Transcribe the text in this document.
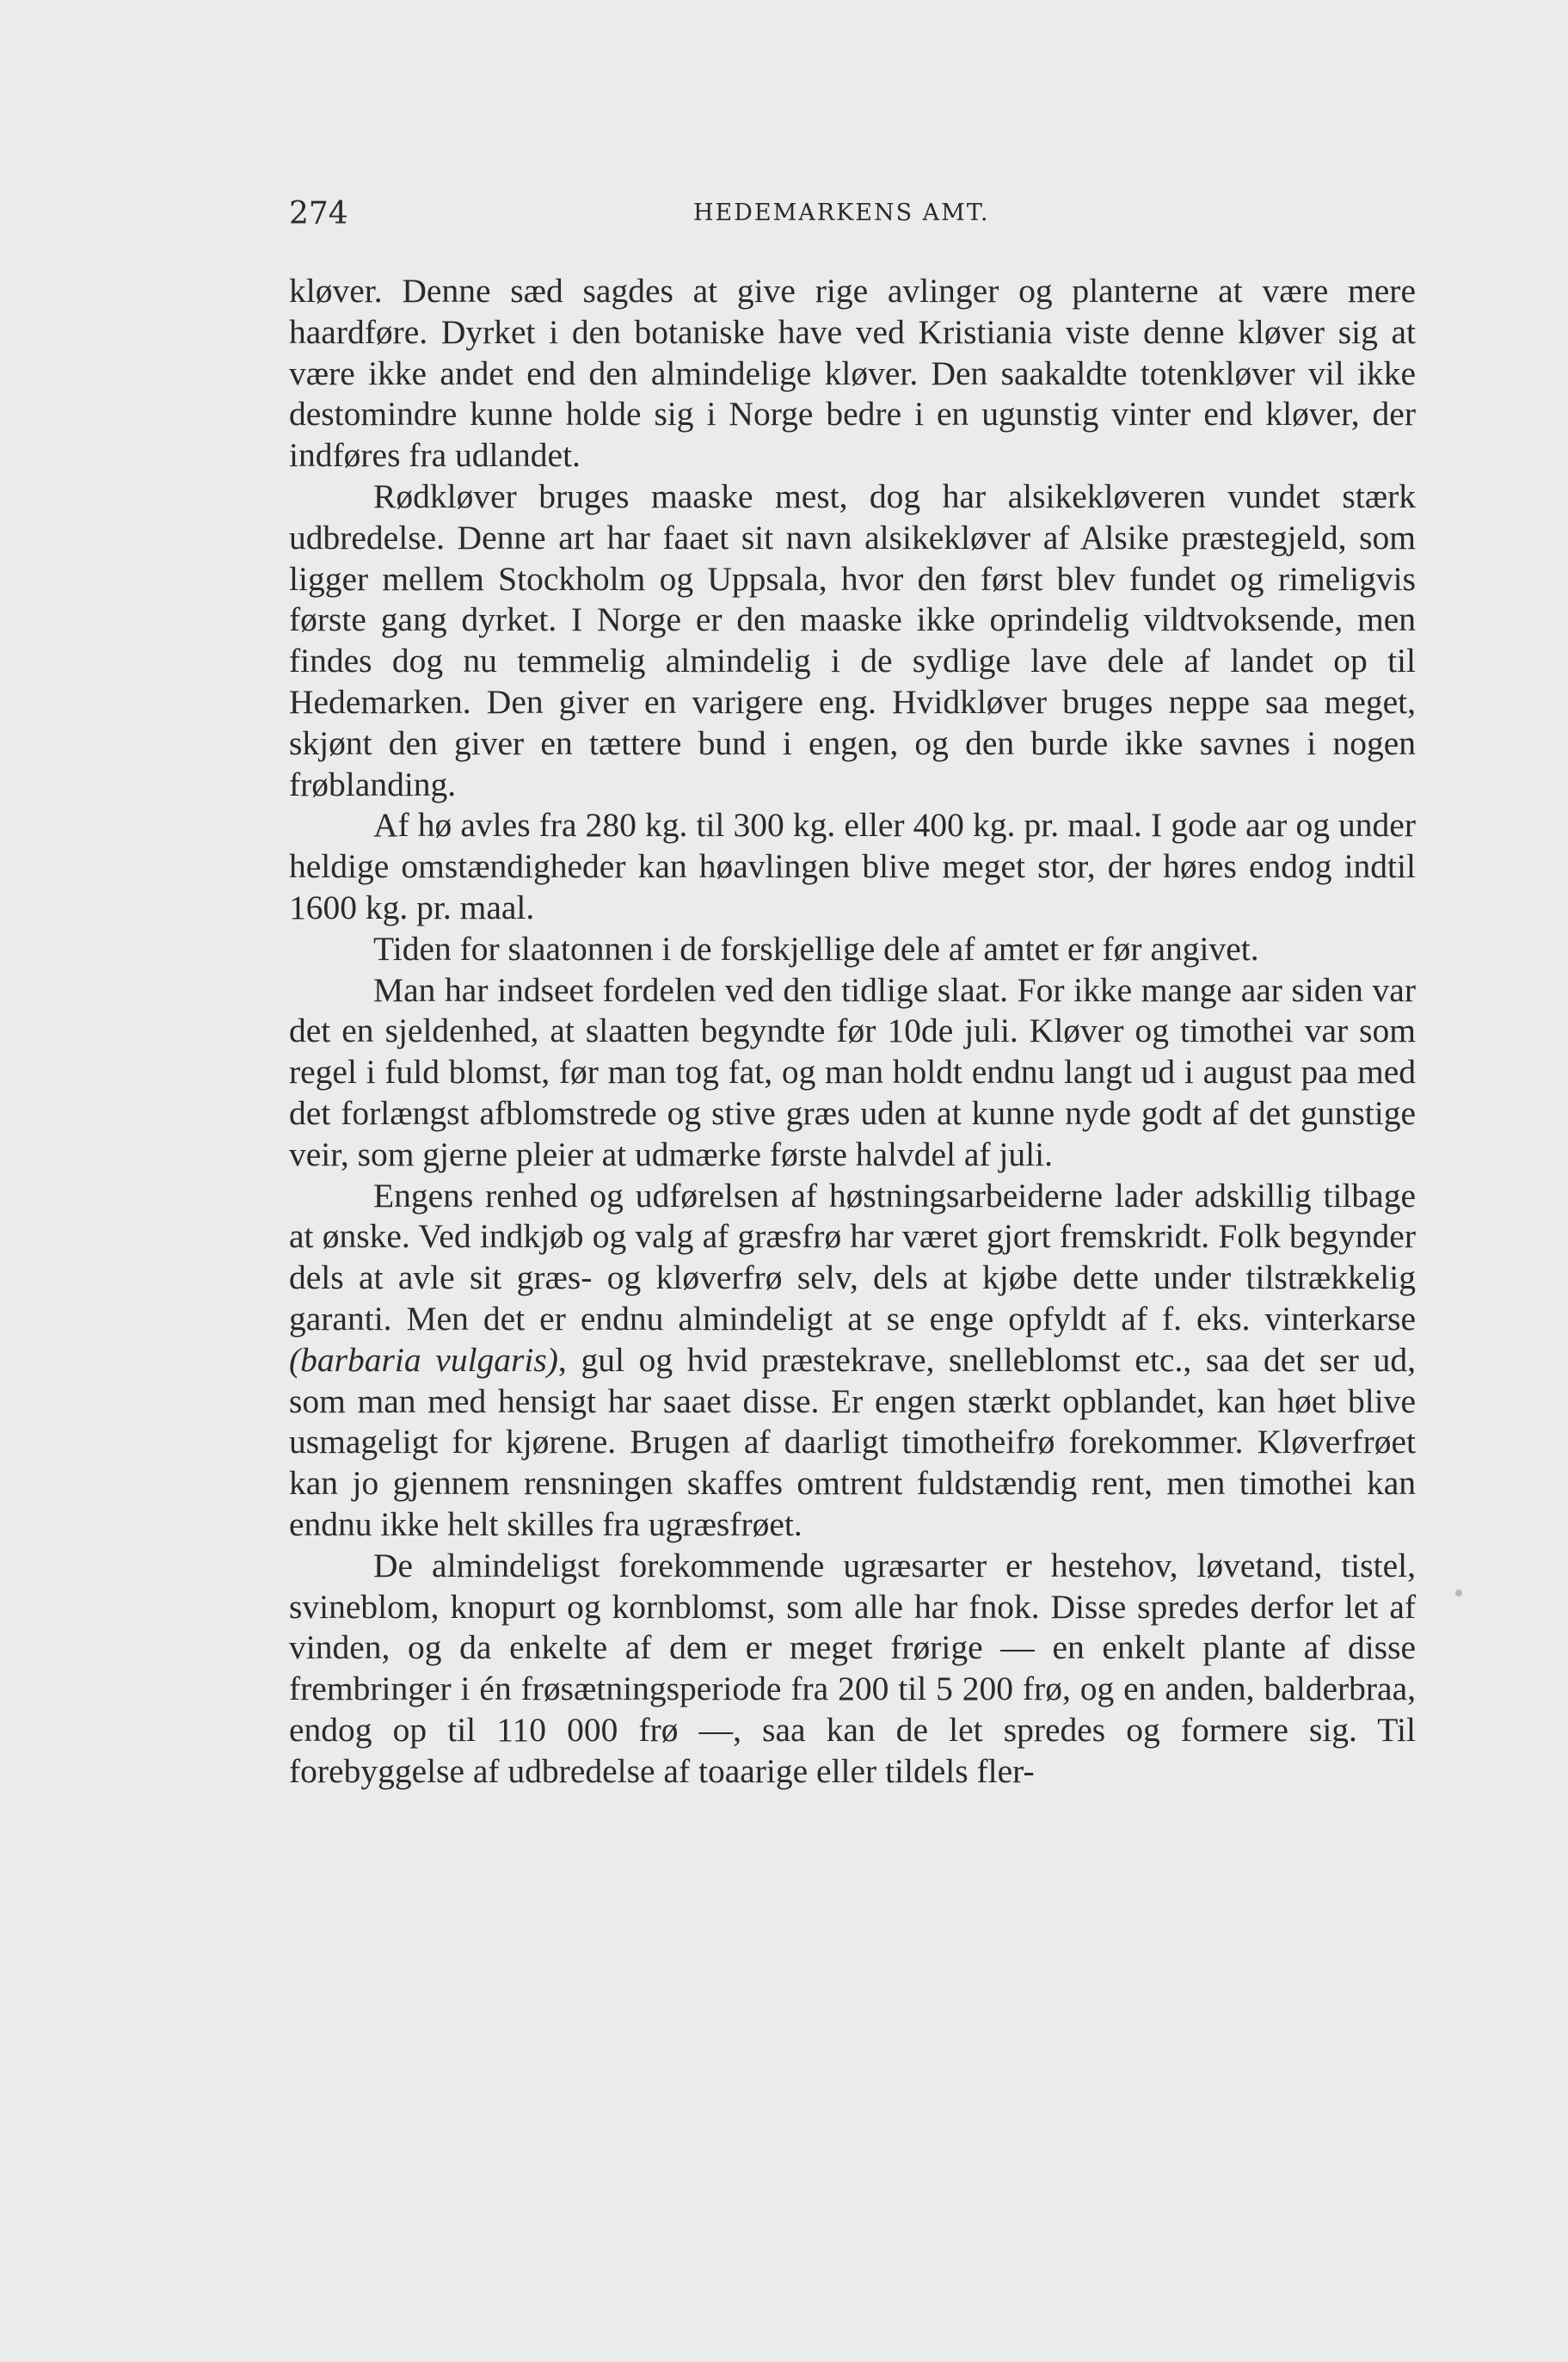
274	HEDEMARKENS AMT.

kløver. Denne sæd sagdes at give rige avlinger og planterne at være mere haardføre. Dyrket i den botaniske have ved Kristiania viste denne kløver sig at være ikke andet end den almindelige kløver. Den saakaldte totenkløver vil ikke destomindre kunne holde sig i Norge bedre i en ugunstig vinter end kløver, der indføres fra udlandet.

Rødkløver bruges maaske mest, dog har alsikekløveren vundet stærk udbredelse. Denne art har faaet sit navn alsikekløver af Alsike præstegjeld, som ligger mellem Stockholm og Uppsala, hvor den først blev fundet og rimeligvis første gang dyrket. I Norge er den maaske ikke oprindelig vildtvoksende, men findes dog nu temmelig almindelig i de sydlige lave dele af landet op til Hedemarken. Den giver en varigere eng. Hvidkløver bruges neppe saa meget, skjønt den giver en tættere bund i engen, og den burde ikke savnes i nogen frøblanding.

Af hø avles fra 280 kg. til 300 kg. eller 400 kg. pr. maal. I gode aar og under heldige omstændigheder kan høavlingen blive meget stor, der høres endog indtil 1600 kg. pr. maal.

Tiden for slaatonnen i de forskjellige dele af amtet er før angivet.

Man har indseet fordelen ved den tidlige slaat. For ikke mange aar siden var det en sjeldenhed, at slaatten begyndte før 10de juli. Kløver og timothei var som regel i fuld blomst, før man tog fat, og man holdt endnu langt ud i august paa med det forlængst afblomstrede og stive græs uden at kunne nyde godt af det gunstige veir, som gjerne pleier at udmærke første halvdel af juli.

Engens renhed og udførelsen af høstningsarbeiderne lader adskillig tilbage at ønske. Ved indkjøb og valg af græsfrø har været gjort fremskridt. Folk begynder dels at avle sit græs- og kløverfrø selv, dels at kjøbe dette under tilstrækkelig garanti. Men det er endnu almindeligt at se enge opfyldt af f. eks. vinterkarse (barbaria vulgaris), gul og hvid præstekrave, snelleblomst etc., saa det ser ud, som man med hensigt har saaet disse. Er engen stærkt opblandet, kan høet blive usmageligt for kjørene. Brugen af daarligt timotheifrø forekommer. Kløverfrøet kan jo gjennem rensningen skaffes omtrent fuldstændig rent, men timothei kan endnu ikke helt skilles fra ugræsfrøet.

De almindeligst forekommende ugræsarter er hestehov, løvetand, tistel, svineblom, knopurt og kornblomst, som alle har fnok. Disse spredes derfor let af vinden, og da enkelte af dem er meget frørige — en enkelt plante af disse frembringer i én frøsætningsperiode fra 200 til 5 200 frø, og en anden, balderbraa, endog op til 110 000 frø —, saa kan de let spredes og formere sig. Til forebyggelse af udbredelse af toaarige eller tildels fler-
